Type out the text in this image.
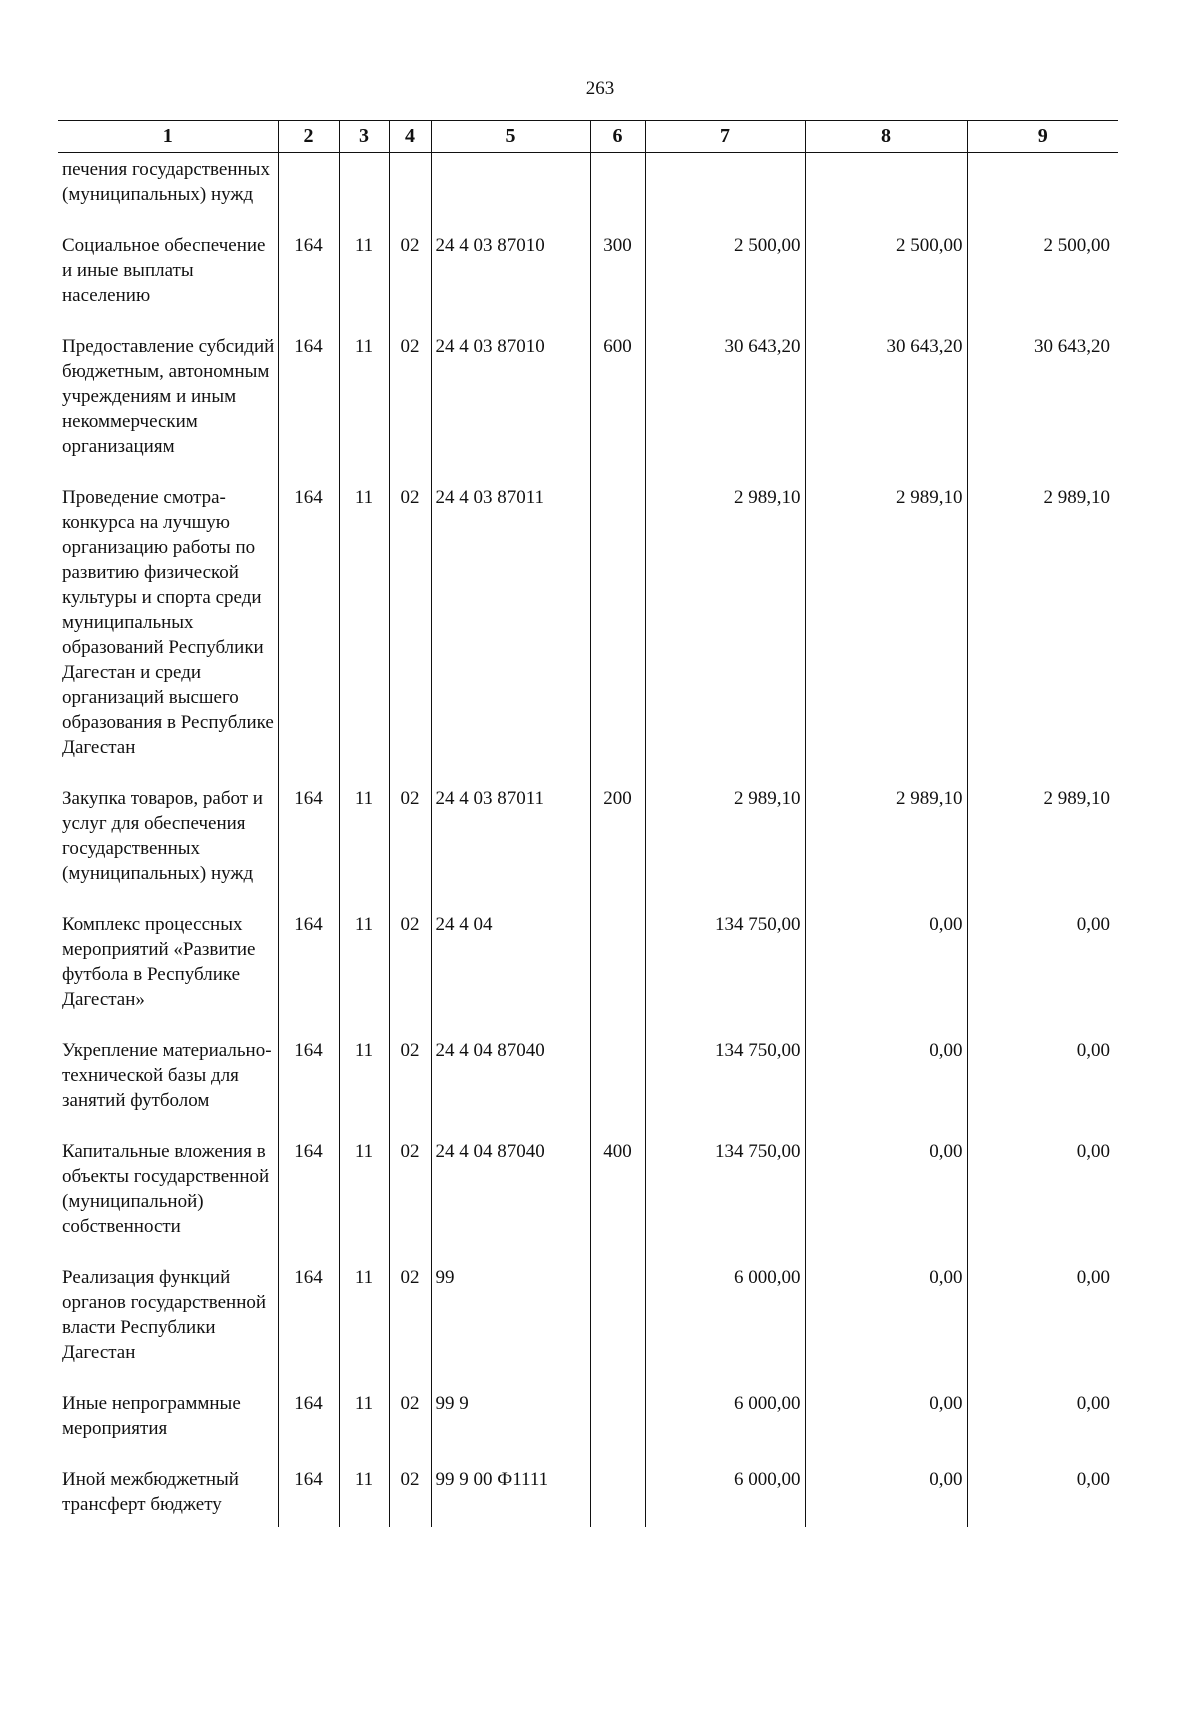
263
1	2	3	4	5	6	7	8	9
печения государственных (муниципальных) нужд								
Социальное обеспечение и иные выплаты населению	164	11	02	24 4 03 87010	300	2 500,00	2 500,00	2 500,00
Предоставление субсидий бюджетным, автономным учреждениям и иным некоммерческим организациям	164	11	02	24 4 03 87010	600	30 643,20	30 643,20	30 643,20
Проведение смотра-конкурса на лучшую организацию работы по развитию физической культуры и спорта среди муниципальных образований Республики Дагестан и среди организаций высшего образования в Республике Дагестан	164	11	02	24 4 03 87011		2 989,10	2 989,10	2 989,10
Закупка товаров, работ и услуг для обеспечения государственных (муниципальных) нужд	164	11	02	24 4 03 87011	200	2 989,10	2 989,10	2 989,10
Комплекс процессных мероприятий «Развитие футбола в Республике Дагестан»	164	11	02	24 4 04		134 750,00	0,00	0,00
Укрепление материально-технической базы для занятий футболом	164	11	02	24 4 04 87040		134 750,00	0,00	0,00
Капитальные вложения в объекты государственной (муниципальной) собственности	164	11	02	24 4 04 87040	400	134 750,00	0,00	0,00
Реализация функций органов государственной власти Республики Дагестан	164	11	02	99		6 000,00	0,00	0,00
Иные непрограммные мероприятия	164	11	02	99 9		6 000,00	0,00	0,00
Иной межбюджетный трансферт бюджету	164	11	02	99 9 00 Ф1111		6 000,00	0,00	0,00
